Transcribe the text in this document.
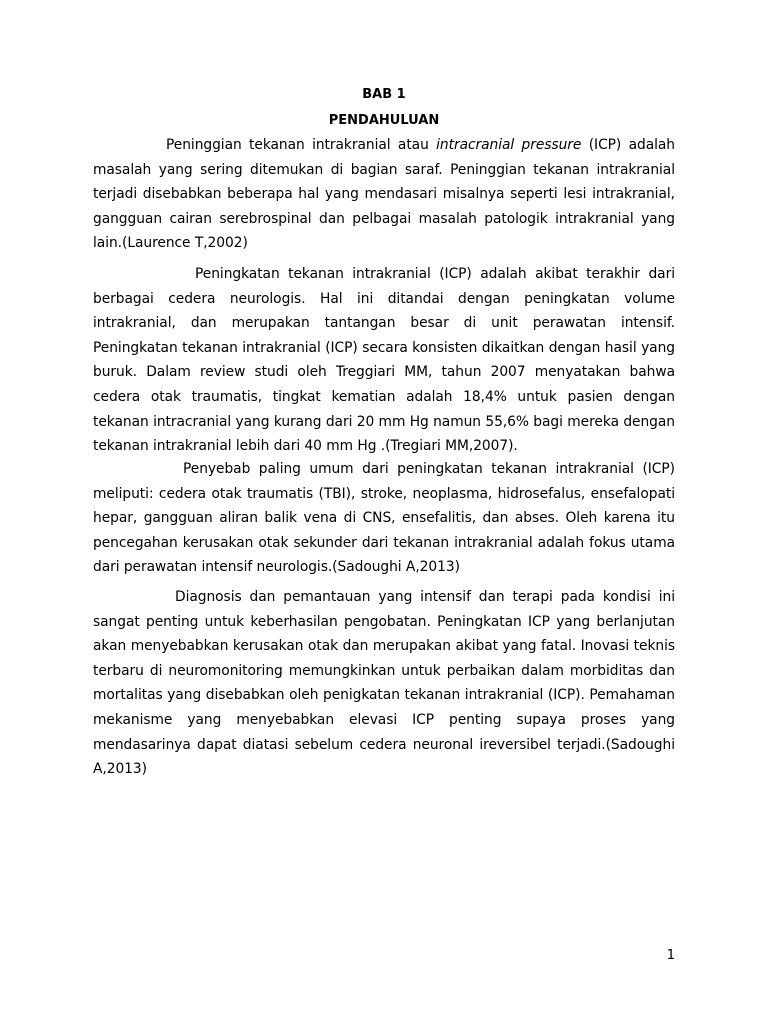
BAB 1
PENDAHULUAN

Peninggian tekanan intrakranial atau intracranial pressure (ICP) adalah masalah yang sering ditemukan di bagian saraf. Peninggian tekanan intrakranial terjadi disebabkan beberapa hal yang mendasari misalnya seperti lesi intrakranial, gangguan cairan serebrospinal dan pelbagai masalah patologik intrakranial yang lain.(Laurence T,2002)

Peningkatan tekanan intrakranial (ICP) adalah akibat terakhir dari berbagai cedera neurologis. Hal ini ditandai dengan peningkatan volume intrakranial, dan merupakan tantangan besar di unit perawatan intensif. Peningkatan tekanan intrakranial (ICP) secara konsisten dikaitkan dengan hasil yang buruk. Dalam review studi oleh Treggiari MM, tahun 2007 menyatakan bahwa cedera otak traumatis, tingkat kematian adalah 18,4% untuk pasien dengan tekanan intracranial yang kurang dari 20 mm Hg namun 55,6% bagi mereka dengan tekanan intrakranial lebih dari 40 mm Hg .(Tregiari MM,2007).

Penyebab paling umum dari peningkatan tekanan intrakranial (ICP) meliputi: cedera otak traumatis (TBI), stroke, neoplasma, hidrosefalus, ensefalopati hepar, gangguan aliran balik vena di CNS, ensefalitis, dan abses. Oleh karena itu pencegahan kerusakan otak sekunder dari tekanan intrakranial adalah fokus utama dari perawatan intensif neurologis.(Sadoughi A,2013)

Diagnosis dan pemantauan yang intensif dan terapi pada kondisi ini sangat penting untuk keberhasilan pengobatan. Peningkatan ICP yang berlanjutan akan menyebabkan kerusakan otak dan merupakan akibat yang fatal. Inovasi teknis terbaru di neuromonitoring memungkinkan untuk perbaikan dalam morbiditas dan mortalitas yang disebabkan oleh penigkatan tekanan intrakranial (ICP). Pemahaman mekanisme yang menyebabkan elevasi ICP penting supaya proses yang mendasarinya dapat diatasi sebelum cedera neuronal ireversibel terjadi.(Sadoughi A,2013)

1
